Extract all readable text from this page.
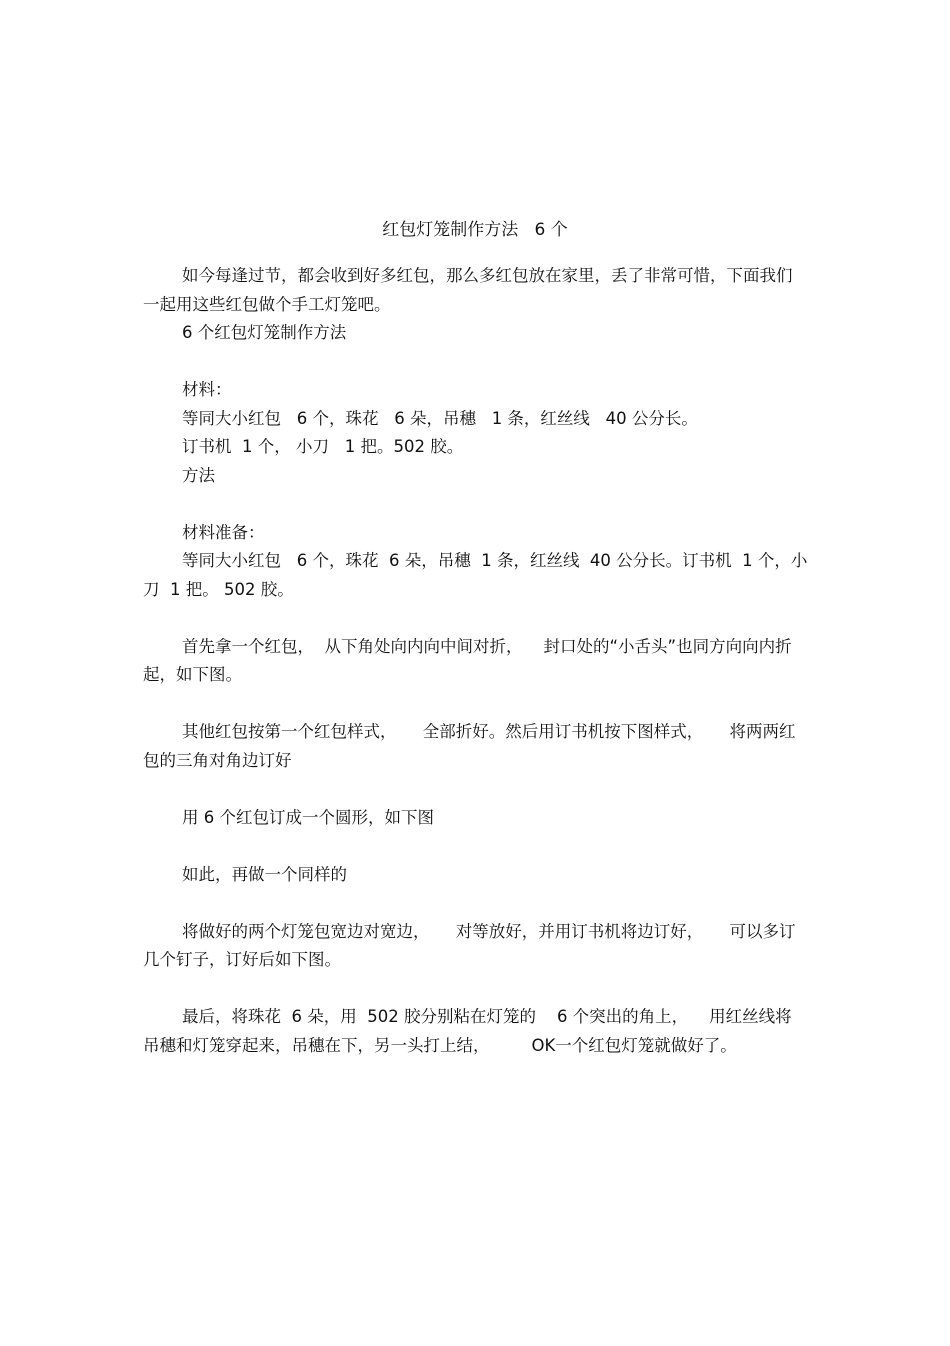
红包灯笼制作方法   6 个

如今每逢过节，都会收到好多红包，那么多红包放在家里，丢了非常可惜，下面我们一起用这些红包做个手工灯笼吧。

6 个红包灯笼制作方法

材料：

等同大小红包   6 个，珠花   6 朵，吊穗   1 条，红丝线   40 公分长。

订书机  1 个， 小刀   1 把。502 胶。

方法

材料准备：

等同大小红包   6 个，珠花  6 朵，吊穗  1 条，红丝线  40 公分长。订书机  1 个，小刀  1 把。 502 胶。

首先拿一个红包，  从下角处向内向中间对折，    封口处的“小舌头”也同方向向内折起，如下图。

其他红包按第一个红包样式，     全部折好。然后用订书机按下图样式，     将两两红包的三角对角边订好

用 6 个红包订成一个圆形，如下图

如此，再做一个同样的

将做好的两个灯笼包宽边对宽边，     对等放好，并用订书机将边订好，     可以多订几个钉子，订好后如下图。

最后，将珠花  6 朵，用  502 胶分别粘在灯笼的    6 个突出的角上，    用红丝线将吊穗和灯笼穿起来，吊穗在下，另一头打上结，        OK一个红包灯笼就做好了。
